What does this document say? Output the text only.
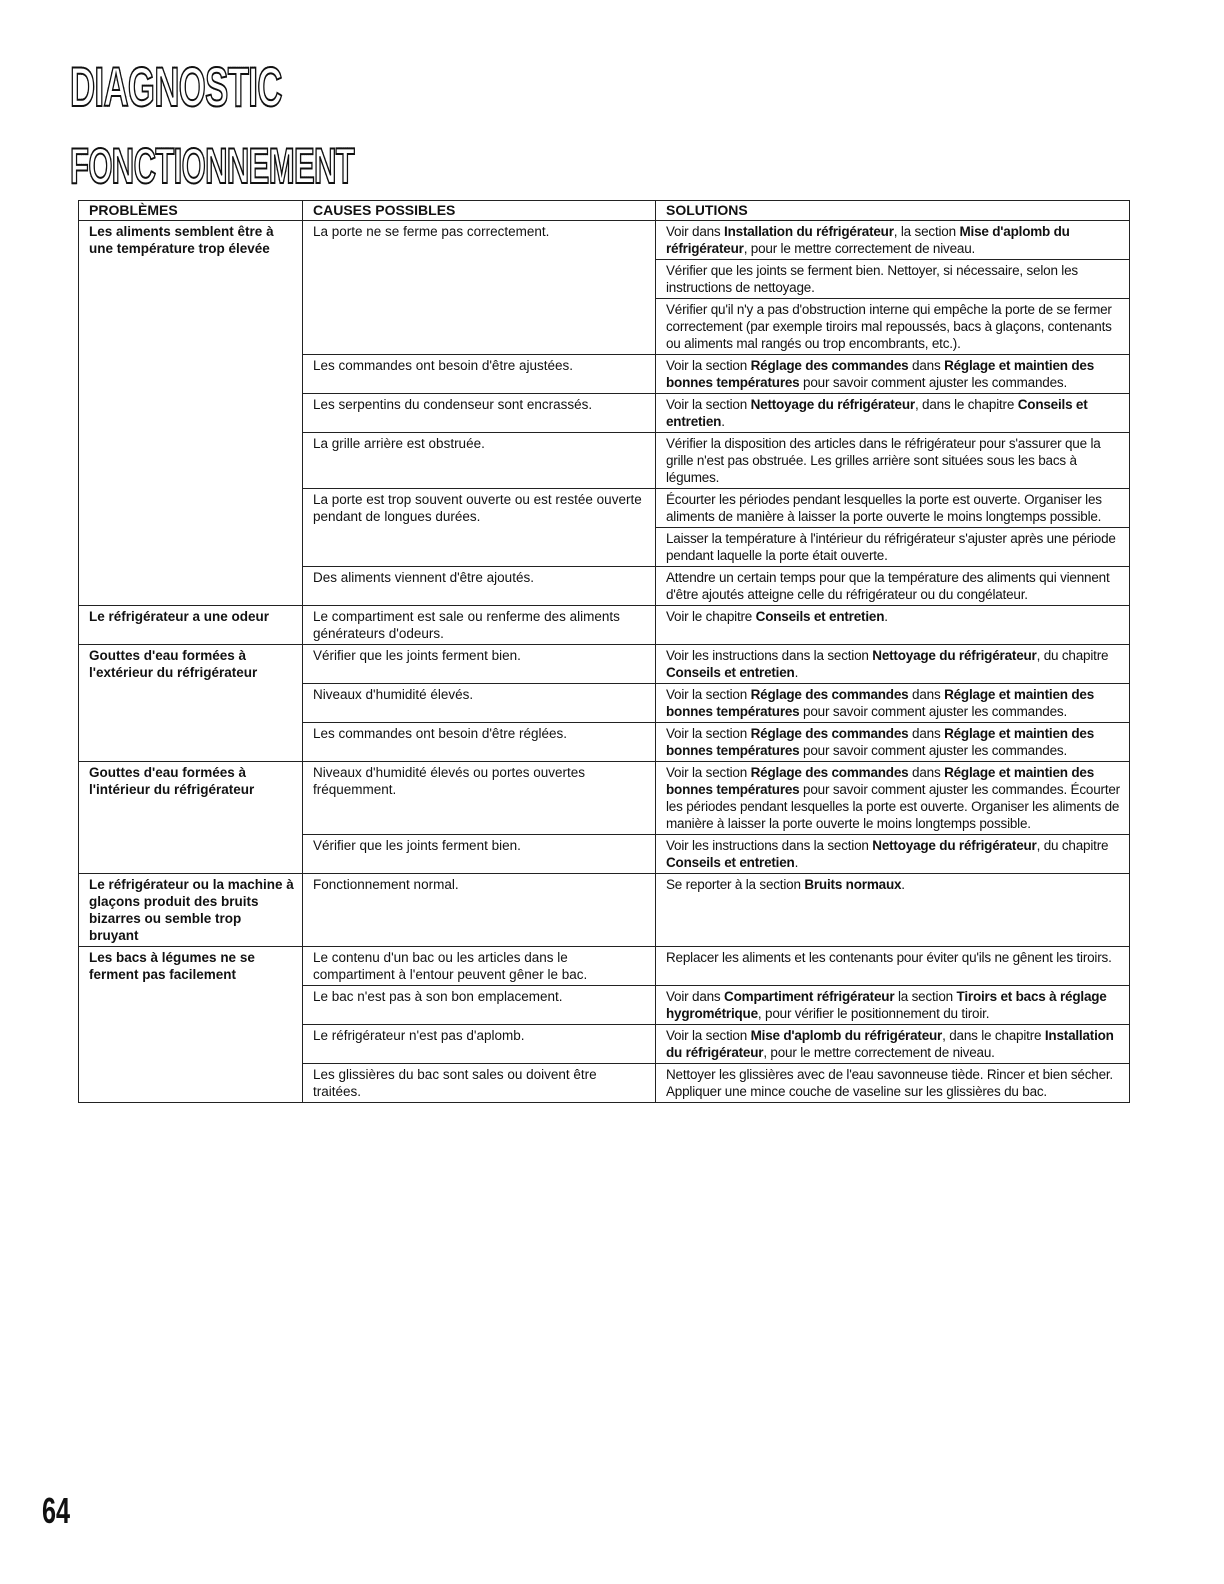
DIAGNOSTIC
FONCTIONNEMENT
PROBLÈMES	CAUSES POSSIBLES	SOLUTIONS
Les aliments semblent être à une température trop élevée	La porte ne se ferme pas correctement.	Voir dans Installation du réfrigérateur, la section Mise d'aplomb du réfrigérateur, pour le mettre correctement de niveau.
		Vérifier que les joints se ferment bien. Nettoyer, si nécessaire, selon les instructions de nettoyage.
		Vérifier qu'il n'y a pas d'obstruction interne qui empêche la porte de se fermer correctement (par exemple tiroirs mal repoussés, bacs à glaçons, contenants ou aliments mal rangés ou trop encombrants, etc.).
	Les commandes ont besoin d'être ajustées.	Voir la section Réglage des commandes dans Réglage et maintien des bonnes températures pour savoir comment ajuster les commandes.
	Les serpentins du condenseur sont encrassés.	Voir la section Nettoyage du réfrigérateur, dans le chapitre Conseils et entretien.
	La grille arrière est obstruée.	Vérifier la disposition des articles dans le réfrigérateur pour s'assurer que la grille n'est pas obstruée. Les grilles arrière sont situées sous les bacs à légumes.
	La porte est trop souvent ouverte ou est restée ouverte pendant de longues durées.	Écourter les périodes pendant lesquelles la porte est ouverte. Organiser les aliments de manière à laisser la porte ouverte le moins longtemps possible.
		Laisser la température à l'intérieur du réfrigérateur s'ajuster après une période pendant laquelle la porte était ouverte.
	Des aliments viennent d'être ajoutés.	Attendre un certain temps pour que la température des aliments qui viennent d'être ajoutés atteigne celle du réfrigérateur ou du congélateur.
Le réfrigérateur a une odeur	Le compartiment est sale ou renferme des aliments générateurs d'odeurs.	Voir le chapitre Conseils et entretien.
Gouttes d'eau formées à l'extérieur du réfrigérateur	Vérifier que les joints ferment bien.	Voir les instructions dans la section Nettoyage du réfrigérateur, du chapitre Conseils et entretien.
	Niveaux d'humidité élevés.	Voir la section Réglage des commandes dans Réglage et maintien des bonnes températures pour savoir comment ajuster les commandes.
	Les commandes ont besoin d'être réglées.	Voir la section Réglage des commandes dans Réglage et maintien des bonnes températures pour savoir comment ajuster les commandes.
Gouttes d'eau formées à l'intérieur du réfrigérateur	Niveaux d'humidité élevés ou portes ouvertes fréquemment.	Voir la section Réglage des commandes dans Réglage et maintien des bonnes températures pour savoir comment ajuster les commandes. Écourter les périodes pendant lesquelles la porte est ouverte. Organiser les aliments de manière à laisser la porte ouverte le moins longtemps possible.
	Vérifier que les joints ferment bien.	Voir les instructions dans la section Nettoyage du réfrigérateur, du chapitre Conseils et entretien.
Le réfrigérateur ou la machine à glaçons produit des bruits bizarres ou semble trop bruyant	Fonctionnement normal.	Se reporter à la section Bruits normaux.
Les bacs à légumes ne se ferment pas facilement	Le contenu d'un bac ou les articles dans le compartiment à l'entour peuvent gêner le bac.	Replacer les aliments et les contenants pour éviter qu'ils ne gênent les tiroirs.
	Le bac n'est pas à son bon emplacement.	Voir dans Compartiment réfrigérateur la section Tiroirs et bacs à réglage hygrométrique, pour vérifier le positionnement du tiroir.
	Le réfrigérateur n'est pas d'aplomb.	Voir la section Mise d'aplomb du réfrigérateur, dans le chapitre Installation du réfrigérateur, pour le mettre correctement de niveau.
	Les glissières du bac sont sales ou doivent être traitées.	Nettoyer les glissières avec de l'eau savonneuse tiède. Rincer et bien sécher. Appliquer une mince couche de vaseline sur les glissières du bac.
64
